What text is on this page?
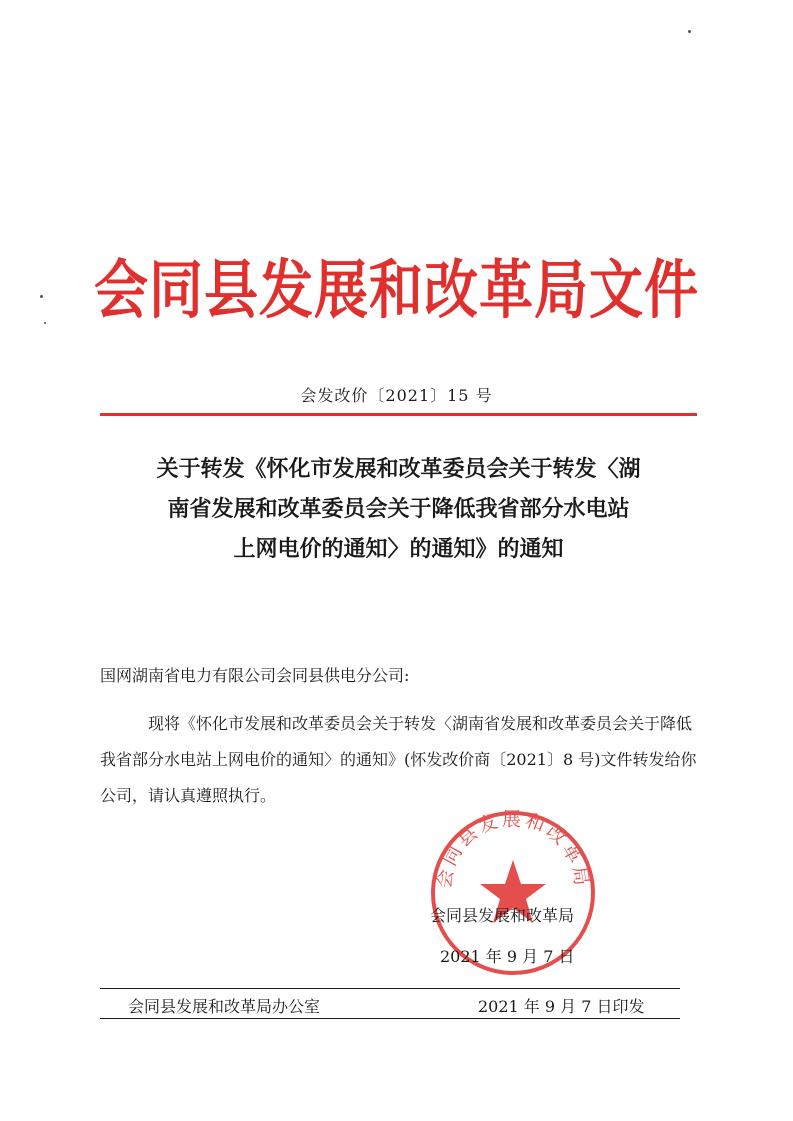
会同县发展和改革局文件
会发改价〔2021〕15 号
关于转发《怀化市发展和改革委员会关于转发〈湖
南省发展和改革委员会关于降低我省部分水电站
上网电价的通知〉的通知》的通知
国网湖南省电力有限公司会同县供电分公司:
现将《怀化市发展和改革委员会关于转发〈湖南省发展和改革委员会关于降低我省部分水电站上网电价的通知〉的通知》(怀发改价商〔2021〕8 号)文件转发给你公司，请认真遵照执行。
会同县发展和改革局
会同县发展和改革局
2021 年 9 月 7 日
会同县发展和改革局办公室	2021 年 9 月 7 日印发
